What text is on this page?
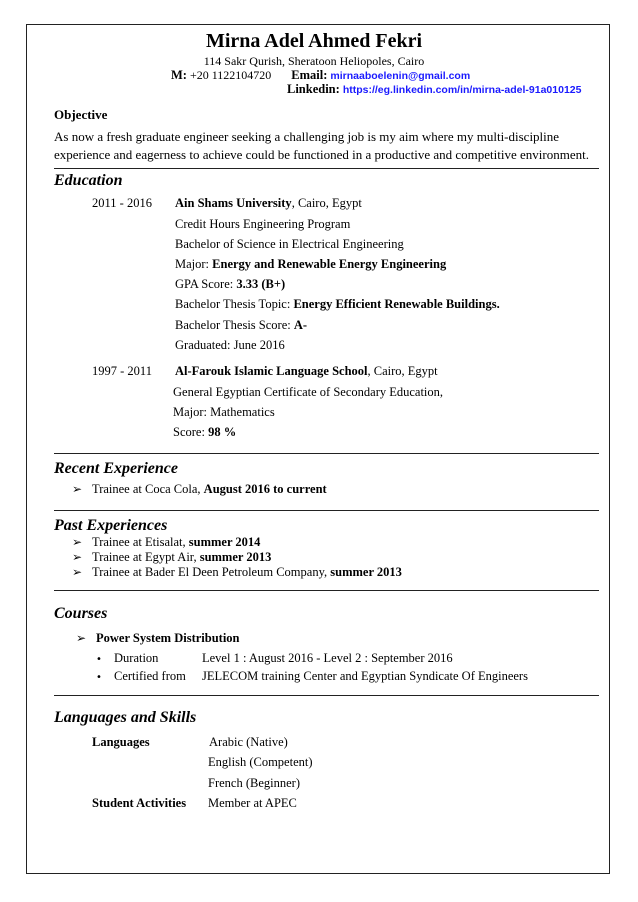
Mirna Adel Ahmed Fekri
114 Sakr Qurish, Sheratoon Heliopoles, Cairo
M: +20 1122104720 Email: mirnaaboelenin@gmail.com
Linkedin: https://eg.linkedin.com/in/mirna-adel-91a010125
Objective
As now a fresh graduate engineer seeking a challenging job is my aim where my multi-discipline experience and eagerness to achieve could be functioned in a productive and competitive environment.
Education
2011 - 2016 Ain Shams University, Cairo, Egypt
Credit Hours Engineering Program
Bachelor of Science in Electrical Engineering
Major: Energy and Renewable Energy Engineering
GPA Score: 3.33 (B+)
Bachelor Thesis Topic: Energy Efficient Renewable Buildings.
Bachelor Thesis Score: A-
Graduated: June 2016
1997 - 2011 Al-Farouk Islamic Language School, Cairo, Egypt
General Egyptian Certificate of Secondary Education,
Major: Mathematics
Score: 98 %
Recent Experience
➢ Trainee at Coca Cola, August 2016 to current
Past Experiences
➢ Trainee at Etisalat, summer 2014
➢ Trainee at Egypt Air, summer 2013
➢ Trainee at Bader El Deen Petroleum Company, summer 2013
Courses
➢ Power System Distribution
• Duration	Level 1 : August 2016 - Level 2 : September 2016
• Certified from JELECOM training Center and Egyptian Syndicate Of Engineers
Languages and Skills
Languages	Arabic (Native)
English (Competent)
French (Beginner)
Student Activities Member at APEC
